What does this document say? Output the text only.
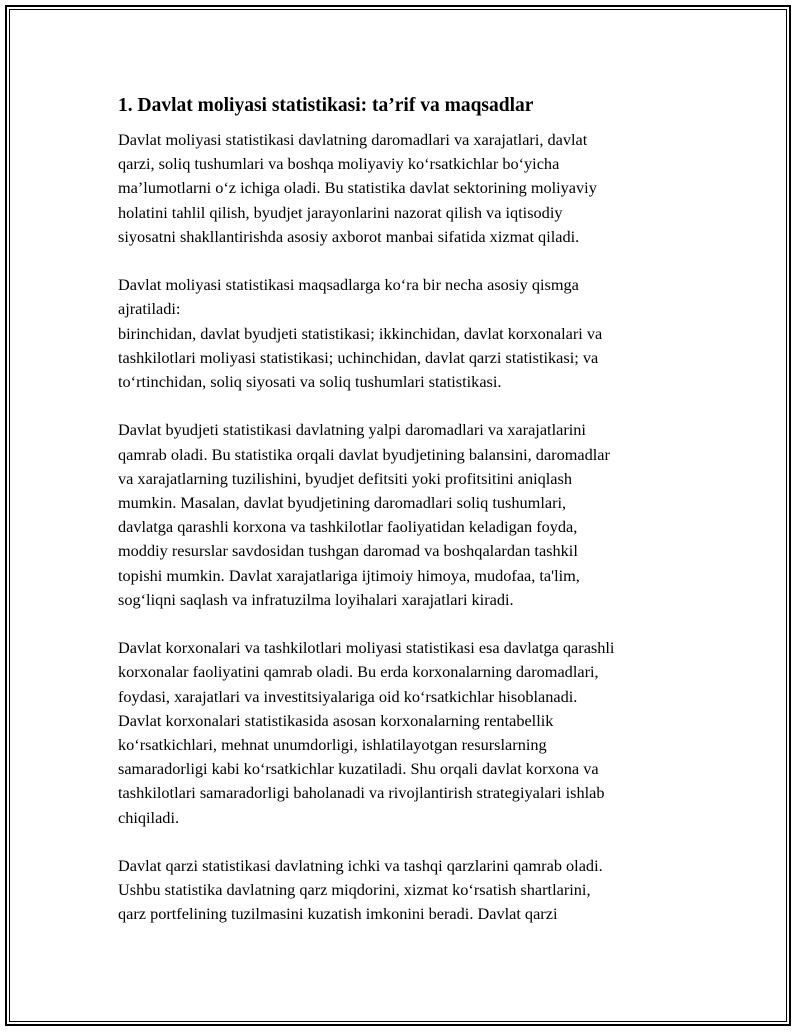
1. Davlat moliyasi statistikasi: ta’rif va maqsadlar

Davlat moliyasi statistikasi davlatning daromadlari va xarajatlari, davlat
qarzi, soliq tushumlari va boshqa moliyaviy koʻrsatkichlar boʻyicha
ma’lumotlarni oʻz ichiga oladi. Bu statistika davlat sektorining moliyaviy
holatini tahlil qilish, byudjet jarayonlarini nazorat qilish va iqtisodiy
siyosatni shakllantirishda asosiy axborot manbai sifatida xizmat qiladi.

Davlat moliyasi statistikasi maqsadlarga koʻra bir necha asosiy qismga
ajratiladi:
birinchidan, davlat byudjeti statistikasi; ikkinchidan, davlat korxonalari va
tashkilotlari moliyasi statistikasi; uchinchidan, davlat qarzi statistikasi; va
toʻrtinchidan, soliq siyosati va soliq tushumlari statistikasi.

Davlat byudjeti statistikasi davlatning yalpi daromadlari va xarajatlarini
qamrab oladi. Bu statistika orqali davlat byudjetining balansini, daromadlar
va xarajatlarning tuzilishini, byudjet defitsiti yoki profitsitini aniqlash
mumkin. Masalan, davlat byudjetining daromadlari soliq tushumlari,
davlatga qarashli korxona va tashkilotlar faoliyatidan keladigan foyda,
moddiy resurslar savdosidan tushgan daromad va boshqalardan tashkil
topishi mumkin. Davlat xarajatlariga ijtimoiy himoya, mudofaa, ta'lim,
sogʻliqni saqlash va infratuzilma loyihalari xarajatlari kiradi.

Davlat korxonalari va tashkilotlari moliyasi statistikasi esa davlatga qarashli
korxonalar faoliyatini qamrab oladi. Bu erda korxonalarning daromadlari,
foydasi, xarajatlari va investitsiyalariga oid koʻrsatkichlar hisoblanadi.
Davlat korxonalari statistikasida asosan korxonalarning rentabellik
koʻrsatkichlari, mehnat unumdorligi, ishlatilayotgan resurslarning
samaradorligi kabi koʻrsatkichlar kuzatiladi. Shu orqali davlat korxona va
tashkilotlari samaradorligi baholanadi va rivojlantirish strategiyalari ishlab
chiqiladi.

Davlat qarzi statistikasi davlatning ichki va tashqi qarzlarini qamrab oladi.
Ushbu statistika davlatning qarz miqdorini, xizmat koʻrsatish shartlarini,
qarz portfelining tuzilmasini kuzatish imkonini beradi. Davlat qarzi
